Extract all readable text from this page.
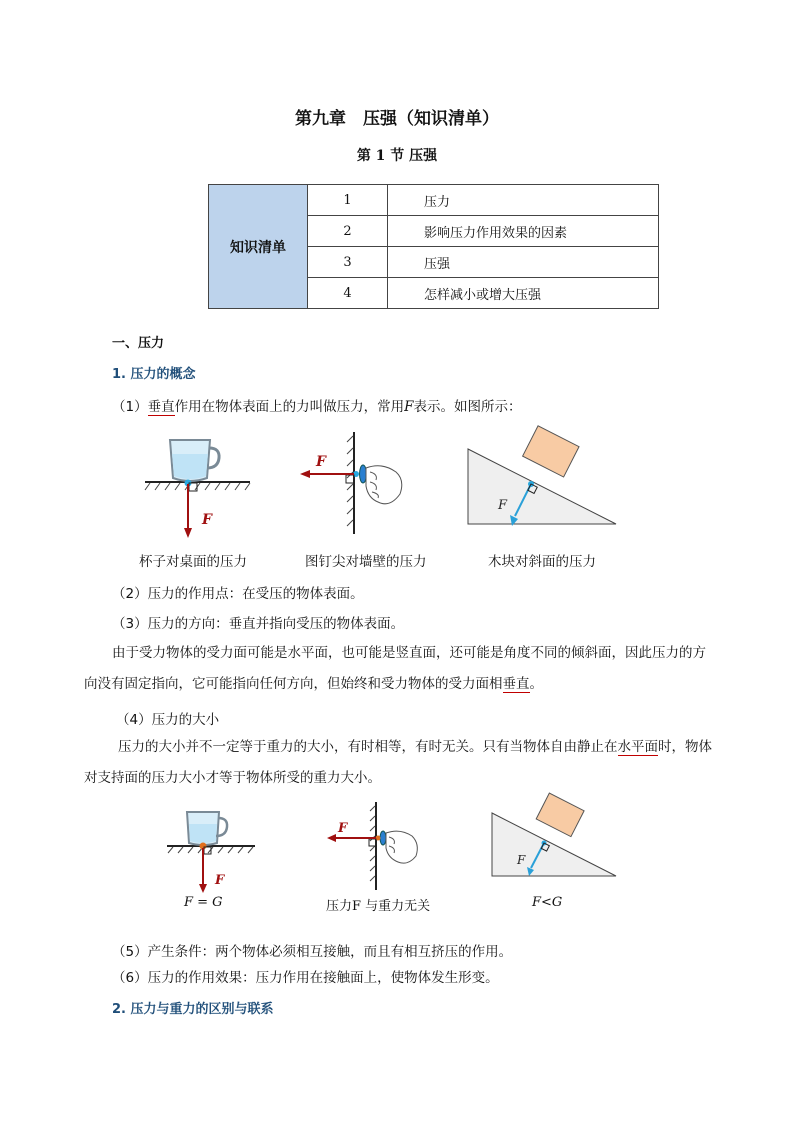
第九章　压强（知识清单）
第 1 节 压强
知识清单	1	压力
	2	影响压力作用效果的因素
	3	压强
	4	怎样减小或增大压强
一、压力
1. 压力的概念
（1）垂直作用在物体表面上的力叫做压力，常用F表示。如图所示：
F
F
F
杯子对桌面的压力	图钉尖对墙壁的压力	木块对斜面的压力
（2）压力的作用点：在受压的物体表面。
（3）压力的方向：垂直并指向受压的物体表面。
由于受力物体的受力面可能是水平面，也可能是竖直面，还可能是角度不同的倾斜面，因此压力的方向没有固定指向，它可能指向任何方向，但始终和受力物体的受力面相垂直。
（4）压力的大小
压力的大小并不一定等于重力的大小，有时相等，有时无关。只有当物体自由静止在水平面时，物体对支持面的压力大小才等于物体所受的重力大小。
F
F
F
F = G	压力F 与重力无关	F<G
（5）产生条件：两个物体必须相互接触，而且有相互挤压的作用。
（6）压力的作用效果：压力作用在接触面上，使物体发生形变。
2. 压力与重力的区别与联系
